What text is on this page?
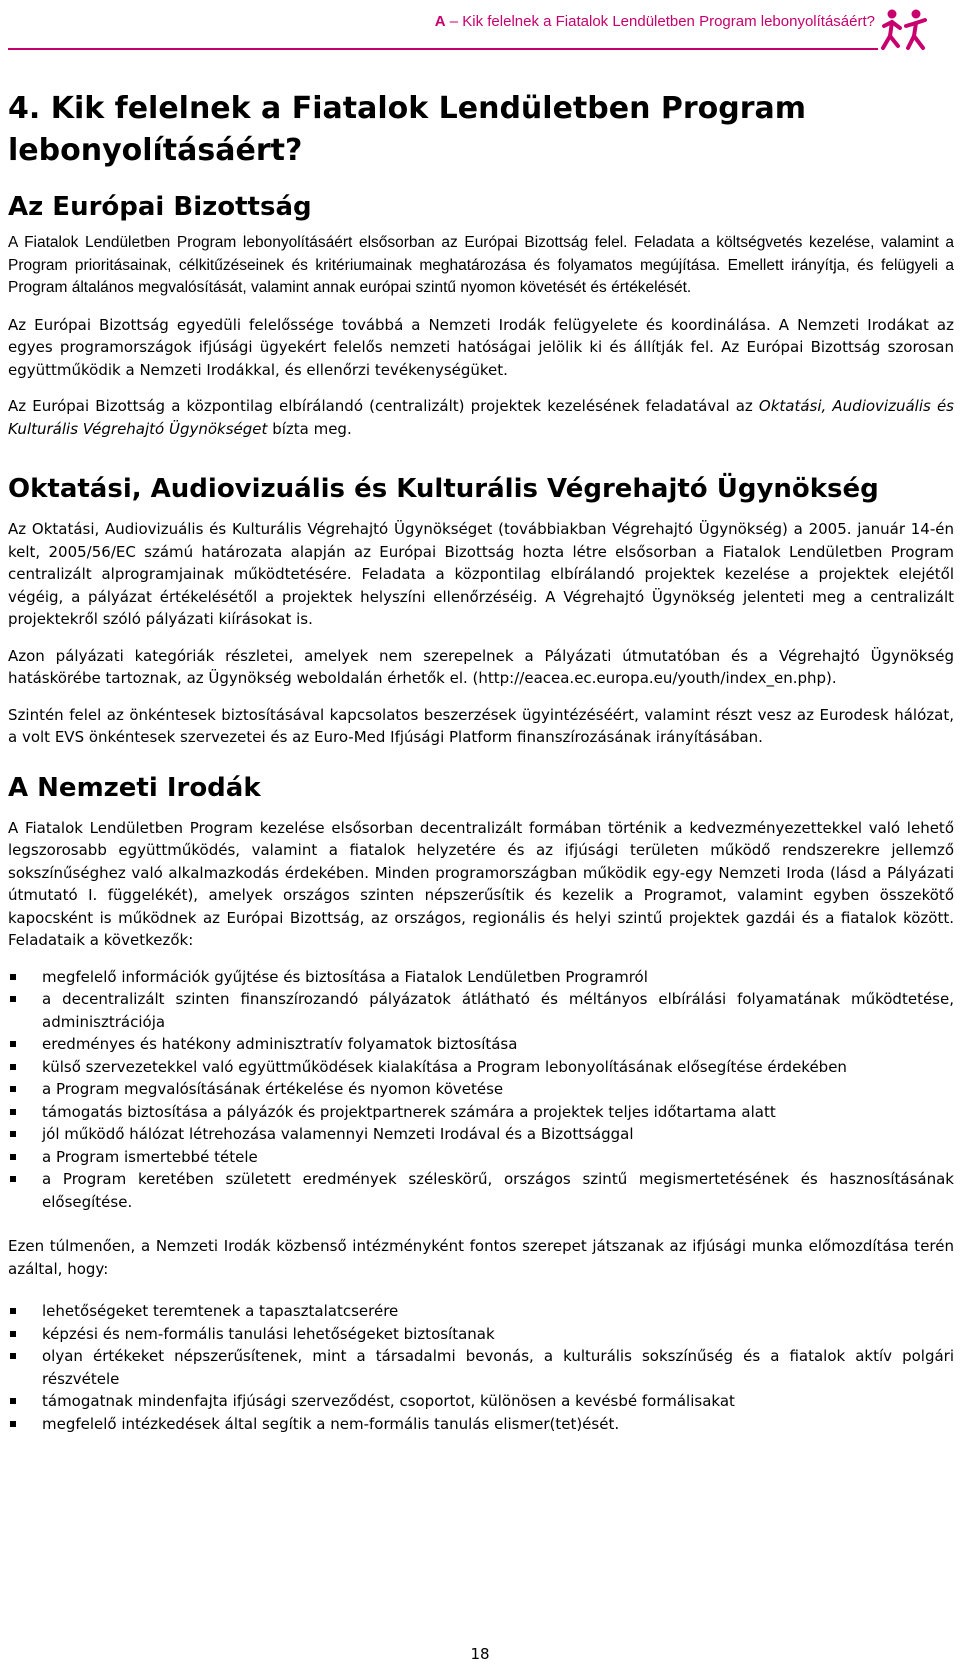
A – Kik felelnek a Fiatalok Lendületben Program lebonyolításáért?
4. Kik felelnek a Fiatalok Lendületben Program lebonyolításáért?
Az Európai Bizottság

A Fiatalok Lendületben Program lebonyolításáért elsősorban az Európai Bizottság felel. Feladata a költségvetés kezelése, valamint a Program prioritásainak, célkitűzéseinek és kritériumainak meghatározása és folyamatos megújítása. Emellett irányítja, és felügyeli a Program általános megvalósítását, valamint annak európai szintű nyomon követését és értékelését.

Az Európai Bizottság egyedüli felelőssége továbbá a Nemzeti Irodák felügyelete és koordinálása. A Nemzeti Irodákat az egyes programországok ifjúsági ügyekért felelős nemzeti hatóságai jelölik ki és állítják fel. Az Európai Bizottság szorosan együttműködik a Nemzeti Irodákkal, és ellenőrzi tevékenységüket.

Az Európai Bizottság a központilag elbírálandó (centralizált) projektek kezelésének feladatával az Oktatási, Audiovizuális és Kulturális Végrehajtó Ügynökséget bízta meg.

Oktatási, Audiovizuális és Kulturális Végrehajtó Ügynökség

Az Oktatási, Audiovizuális és Kulturális Végrehajtó Ügynökséget (továbbiakban Végrehajtó Ügynökség) a 2005. január 14-én kelt, 2005/56/EC számú határozata alapján az Európai Bizottság hozta létre elsősorban a Fiatalok Lendületben Program centralizált alprogramjainak működtetésére. Feladata a központilag elbírálandó projektek kezelése a projektek elejétől végéig, a pályázat értékelésétől a projektek helyszíni ellenőrzéséig. A Végrehajtó Ügynökség jelenteti meg a centralizált projektekről szóló pályázati kiírásokat is.

Azon pályázati kategóriák részletei, amelyek nem szerepelnek a Pályázati útmutatóban és a Végrehajtó Ügynökség hatáskörébe tartoznak, az Ügynökség weboldalán érhetők el. (http://eacea.ec.europa.eu/youth/index_en.php).

Szintén felel az önkéntesek biztosításával kapcsolatos beszerzések ügyintézéséért, valamint részt vesz az Eurodesk hálózat, a volt EVS önkéntesek szervezetei és az Euro-Med Ifjúsági Platform finanszírozásának irányításában.

A Nemzeti Irodák

A Fiatalok Lendületben Program kezelése elsősorban decentralizált formában történik a kedvezményezettekkel való lehető legszorosabb együttműködés, valamint a fiatalok helyzetére és az ifjúsági területen működő rendszerekre jellemző sokszínűséghez való alkalmazkodás érdekében. Minden programországban működik egy-egy Nemzeti Iroda (lásd a Pályázati útmutató I. függelékét), amelyek országos szinten népszerűsítik és kezelik a Programot, valamint egyben összekötő kapocsként is működnek az Európai Bizottság, az országos, regionális és helyi szintű projektek gazdái és a fiatalok között. Feladataik a következők:

megfelelő információk gyűjtése és biztosítása a Fiatalok Lendületben Programról
a decentralizált szinten finanszírozandó pályázatok átlátható és méltányos elbírálási folyamatának működtetése, adminisztrációja
eredményes és hatékony adminisztratív folyamatok biztosítása
külső szervezetekkel való együttműködések kialakítása a Program lebonyolításának elősegítése érdekében
a Program megvalósításának értékelése és nyomon követése
támogatás biztosítása a pályázók és projektpartnerek számára a projektek teljes időtartama alatt
jól működő hálózat létrehozása valamennyi Nemzeti Irodával és a Bizottsággal
a Program ismertebbé tétele
a Program keretében született eredmények széleskörű, országos szintű megismertetésének és hasznosításának elősegítése.

Ezen túlmenően, a Nemzeti Irodák közbenső intézményként fontos szerepet játszanak az ifjúsági munka előmozdítása terén azáltal, hogy:

lehetőségeket teremtenek a tapasztalatcserére
képzési és nem-formális tanulási lehetőségeket biztosítanak
olyan értékeket népszerűsítenek, mint a társadalmi bevonás, a kulturális sokszínűség és a fiatalok aktív polgári részvétele
támogatnak mindenfajta ifjúsági szerveződést, csoportot, különösen a kevésbé formálisakat
megfelelő intézkedések által segítik a nem-formális tanulás elismer(tet)ését.
18
